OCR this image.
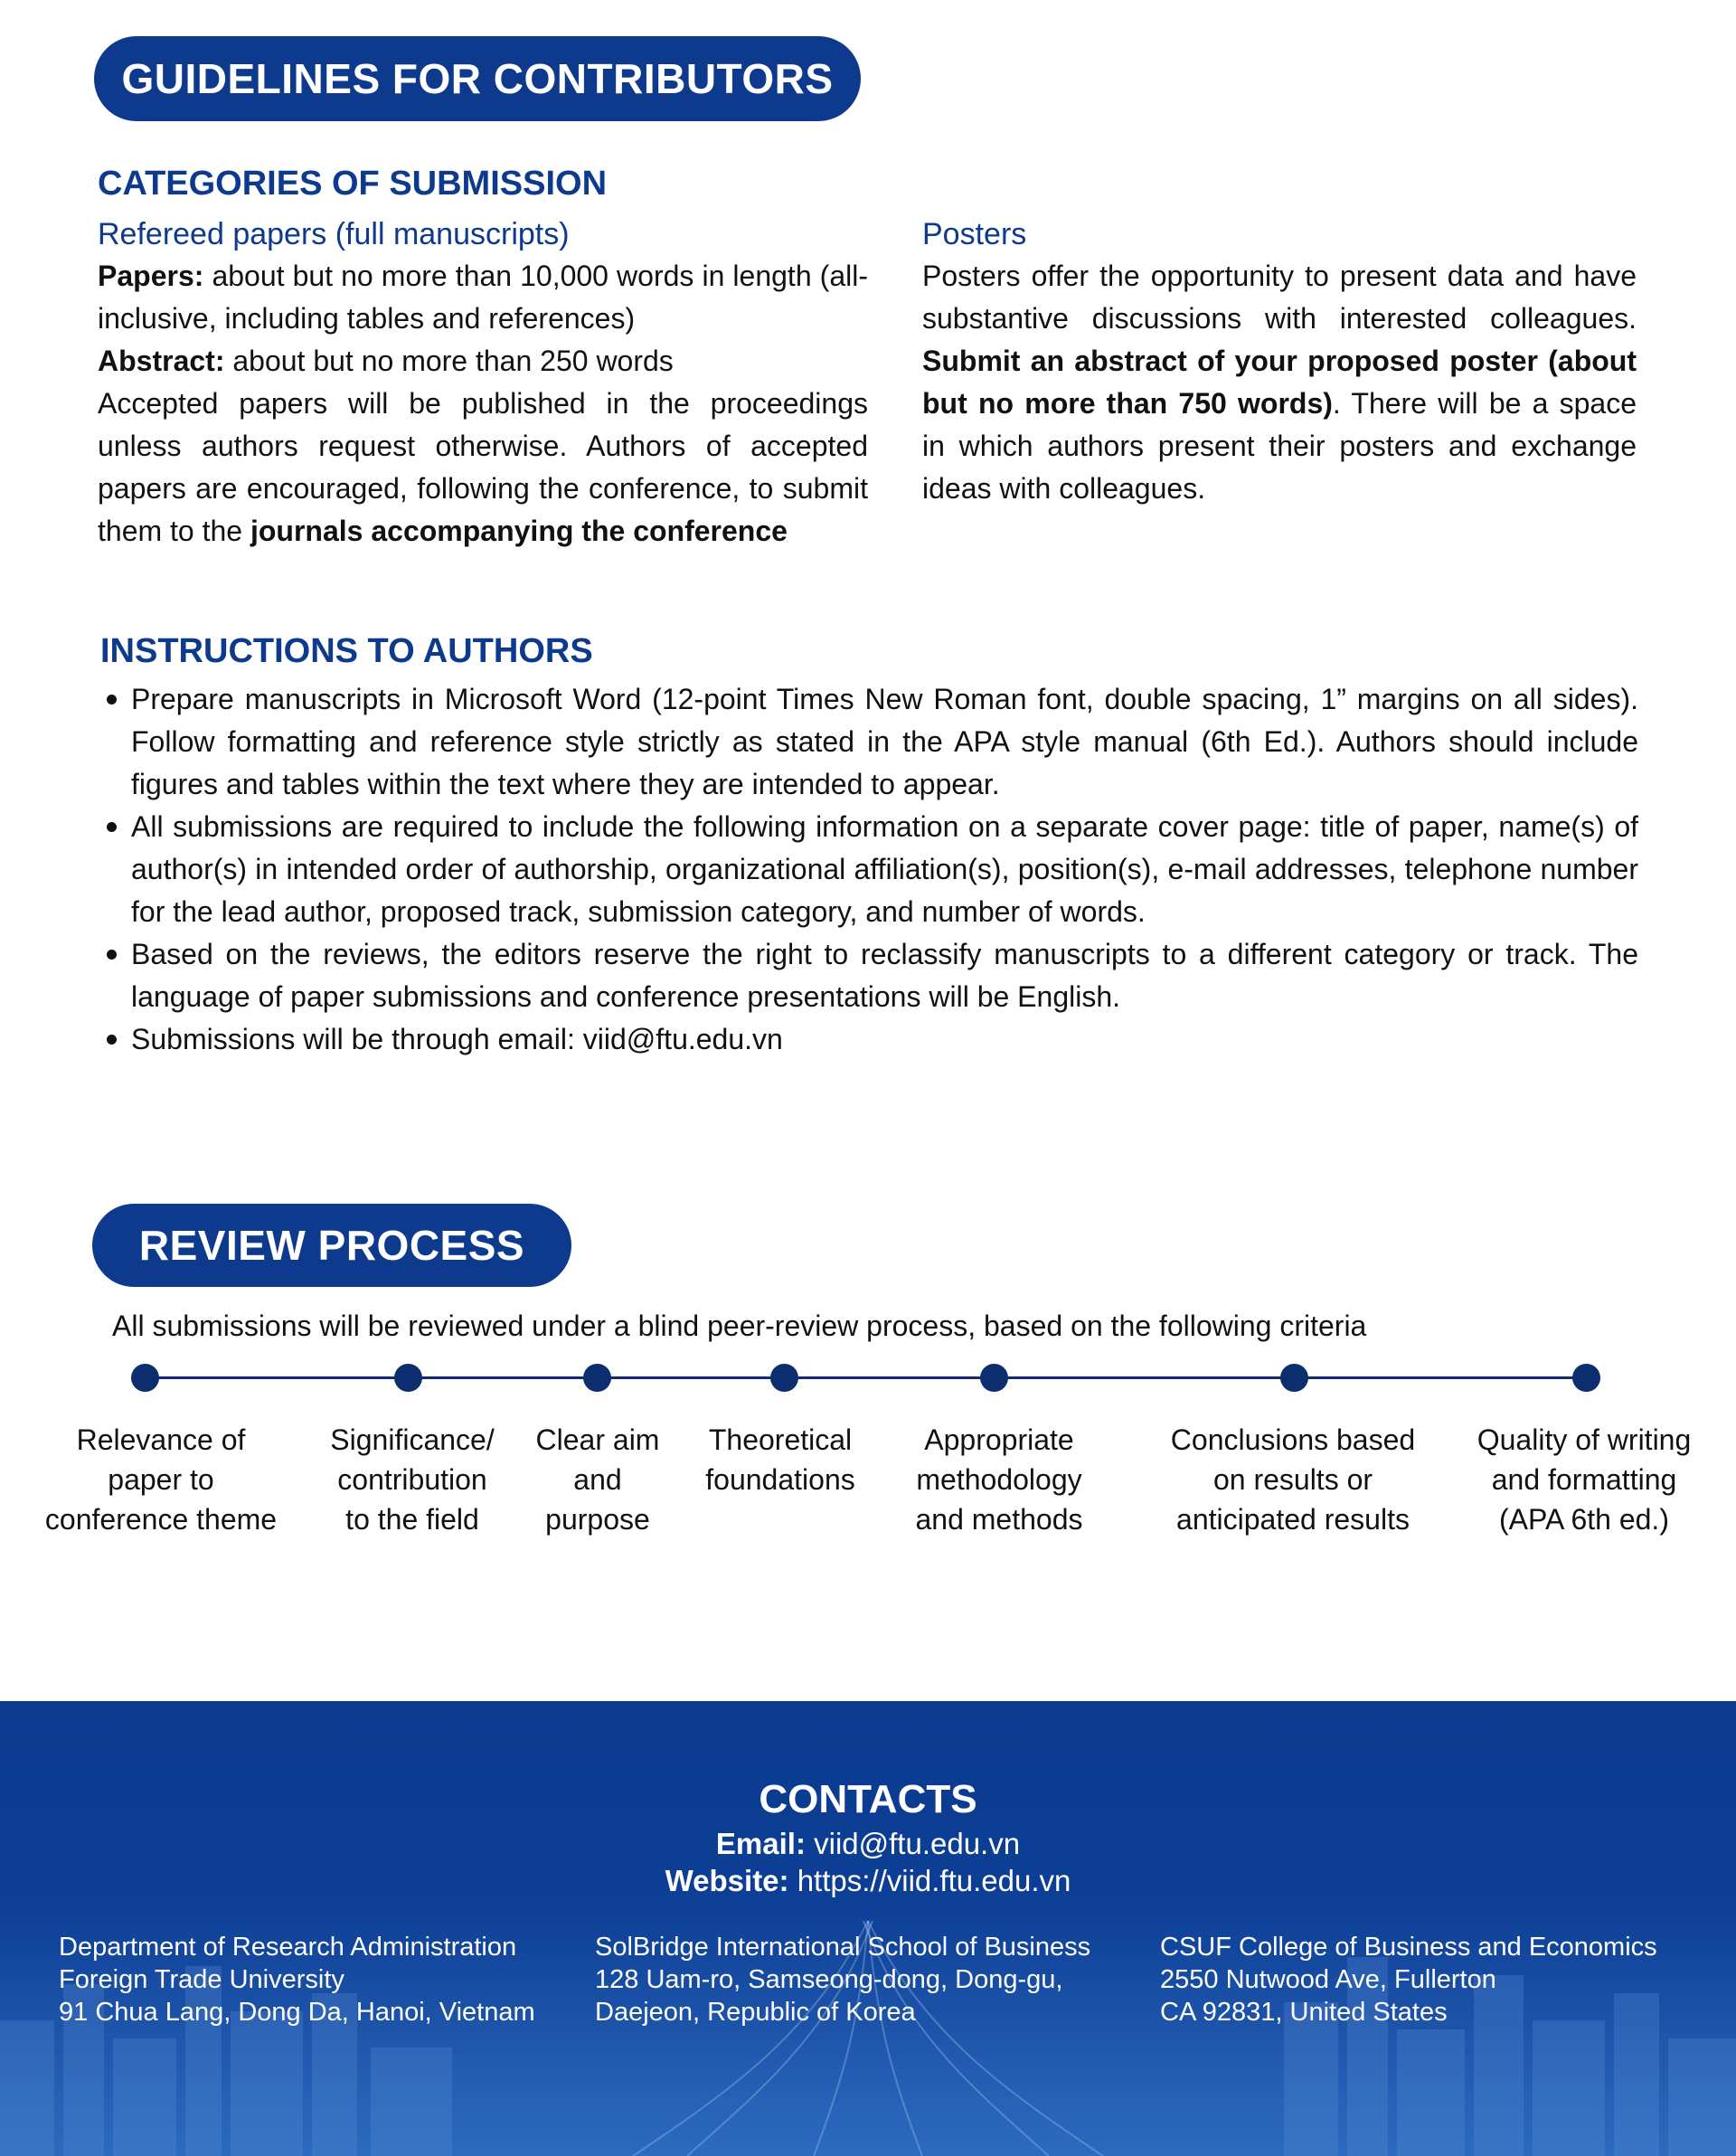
GUIDELINES FOR CONTRIBUTORS
CATEGORIES OF SUBMISSION
Refereed papers (full manuscripts)

Papers: about but no more than 10,000 words in length (all-inclusive, including tables and references)

Abstract: about but no more than 250 words

Accepted papers will be published in the proceedings unless authors request otherwise. Authors of accepted papers are encouraged, following the conference, to submit them to the journals accompanying the conference

Posters

Posters offer the opportunity to present data and have substantive discussions with interested colleagues. Submit an abstract of your proposed poster (about but no more than 750 words). There will be a space in which authors present their posters and exchange ideas with colleagues.

INSTRUCTIONS TO AUTHORS
Prepare manuscripts in Microsoft Word (12-point Times New Roman font, double spacing, 1” margins on all sides). Follow formatting and reference style strictly as stated in the APA style manual (6th Ed.). Authors should include figures and tables within the text where they are intended to appear.
All submissions are required to include the following information on a separate cover page: title of paper, name(s) of author(s) in intended order of authorship, organizational affiliation(s), position(s), e-mail addresses, telephone number for the lead author, proposed track, submission category, and number of words.
Based on the reviews, the editors reserve the right to reclassify manuscripts to a different category or track. The language of paper submissions and conference presentations will be English.
Submissions will be through email: viid@ftu.edu.vn
REVIEW PROCESS
All submissions will be reviewed under a blind peer-review process, based on the following criteria
Relevance of
paper to
conference theme
Significance/
contribution
to the field
Clear aim
and
purpose
Theoretical
foundations
Appropriate
methodology
and methods
Conclusions based
on results or
anticipated results
Quality of writing
and formatting
(APA 6th ed.)
CONTACTS
Email: viid@ftu.edu.vn
Website: https://viid.ftu.edu.vn
Department of Research Administration
Foreign Trade University
91 Chua Lang, Dong Da, Hanoi, Vietnam
SolBridge International School of Business
128 Uam-ro, Samseong-dong, Dong-gu,
Daejeon, Republic of Korea
CSUF College of Business and Economics
2550 Nutwood Ave, Fullerton
CA 92831, United States
